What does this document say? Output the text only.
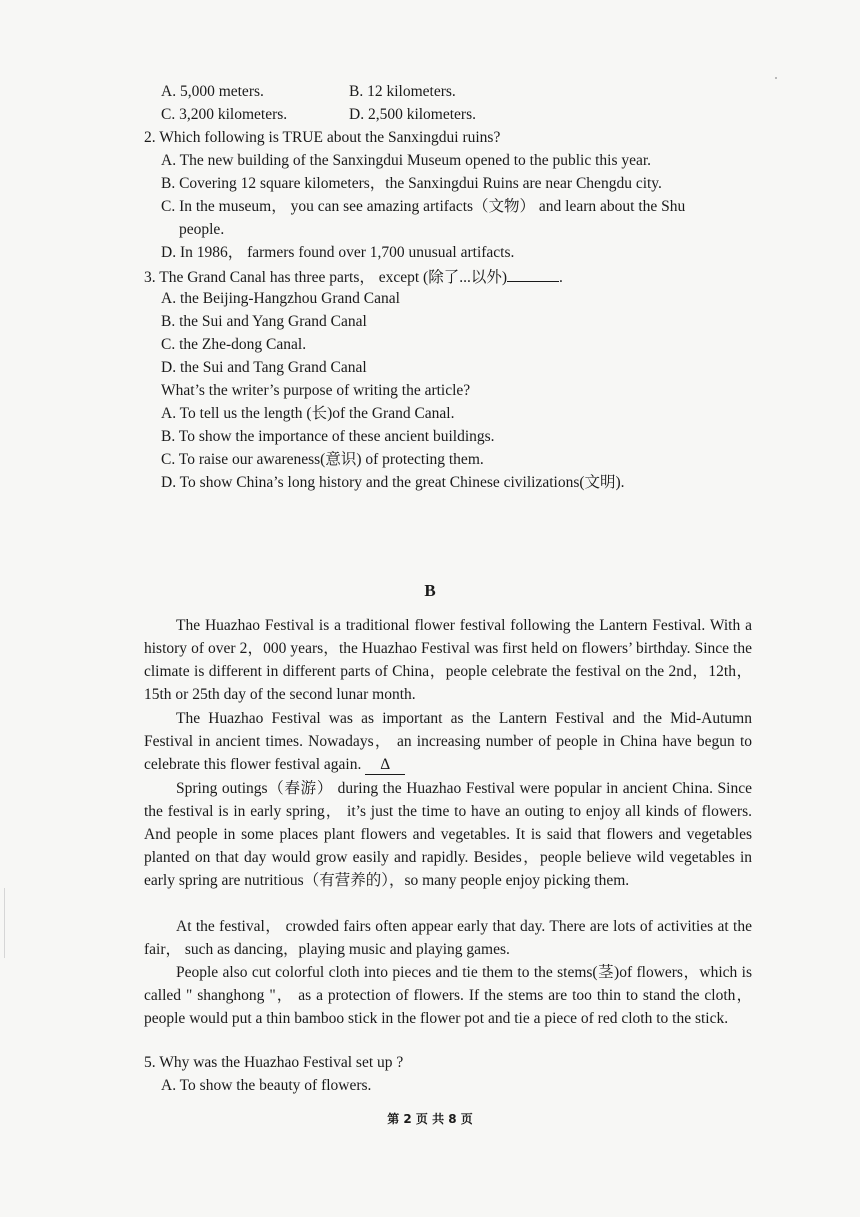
A. 5,000 meters.	B. 12 kilometers.
C. 3,200 kilometers.	D. 2,500 kilometers.
2. Which following is TRUE about the Sanxingdui ruins?
A. The new building of the Sanxingdui Museum opened to the public this year.
B. Covering 12 square kilometers，the Sanxingdui Ruins are near Chengdu city.
C. In the museum， you can see amazing artifacts（文物） and learn about the Shu
people.
D. In 1986， farmers found over 1,700 unusual artifacts.
3. The Grand Canal has three parts， except (除了...以外)	.
A. the Beijing-Hangzhou Grand Canal
B. the Sui and Yang Grand Canal
C. the Zhe-dong Canal.
D. the Sui and Tang Grand Canal
What’s the writer’s purpose of writing the article?
A. To tell us the length (长)of the Grand Canal.
B. To show the importance of these ancient buildings.
C. To raise our awareness(意识) of protecting them.
D. To show China’s long history and the great Chinese civilizations(文明).
B
The Huazhao Festival is a traditional flower festival following the Lantern Festival. With a history of over 2，000 years，the Huazhao Festival was first held on flowers’ birthday. Since the climate is different in different parts of China，people celebrate the festival on the 2nd，12th，15th or 25th day of the second lunar month.
The Huazhao Festival was as important as the Lantern Festival and the Mid-Autumn Festival in ancient times. Nowadays， an increasing number of people in China have begun to celebrate this flower festival again. Δ
Spring outings（春游） during the Huazhao Festival were popular in ancient China. Since the festival is in early spring， it’s just the time to have an outing to enjoy all kinds of flowers. And people in some places plant flowers and vegetables. It is said that flowers and vegetables planted on that day would grow easily and rapidly. Besides，people believe wild vegetables in early spring are nutritious（有营养的），so many people enjoy picking them.
At the festival， crowded fairs often appear early that day. There are lots of activities at the fair， such as dancing，playing music and playing games.
People also cut colorful cloth into pieces and tie them to the stems(茎)of flowers，which is called " shanghong "， as a protection of flowers. If the stems are too thin to stand the cloth， people would put a thin bamboo stick in the flower pot and tie a piece of red cloth to the stick.
5. Why was the Huazhao Festival set up ?
A. To show the beauty of flowers.
第 2 页 共 8 页
